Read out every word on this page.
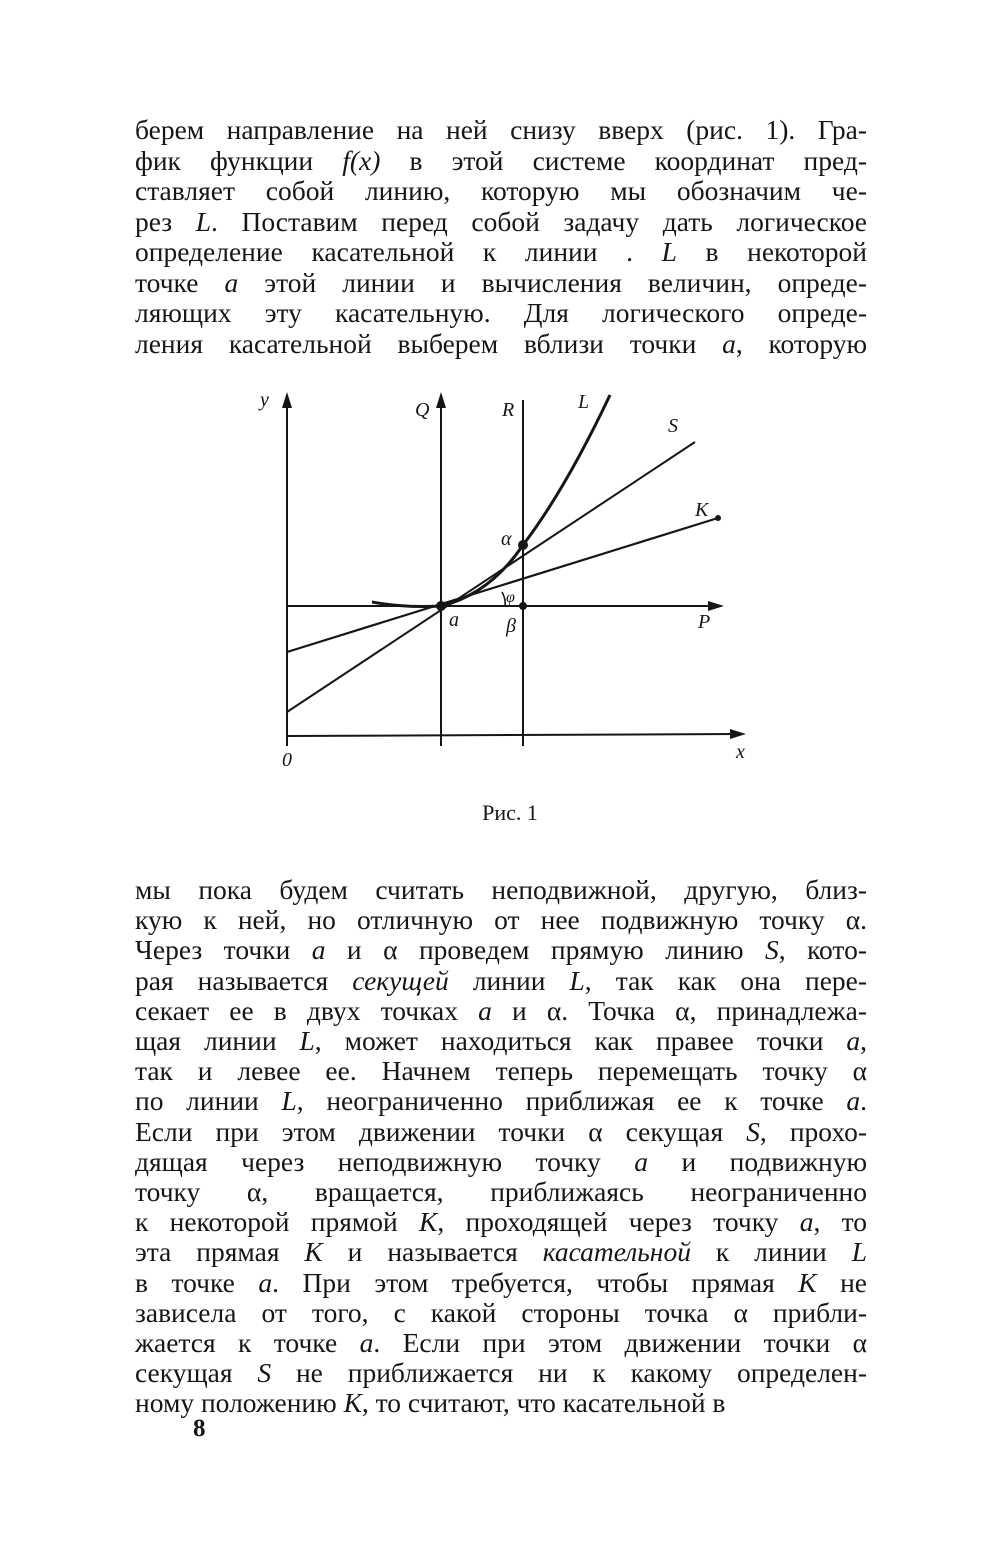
берем направление на ней снизу вверх (рис. 1). Гра-
фик функции f(x) в этой системе координат пред-
ставляет собой линию, которую мы обозначим че-
рез L. Поставим перед собой задачу дать логическое
определение касательной к линии . L в некоторой
точке a этой линии и вычисления величин, опреде-
ляющих эту касательную. Для логического опреде-
ления касательной выберем вблизи точки a, которую
y
0	x
Q	R	L
S
K
α
a
φ
β	P
Рис. 1
мы пока будем считать неподвижной, другую, близ-
кую к ней, но отличную от нее подвижную точку α.
Через точки a и α проведем прямую линию S, кото-
рая называется секущей линии L, так как она пере-
секает ее в двух точках a и α. Точка α, принадлежа-
щая линии L, может находиться как правее точки a,
так и левее ее. Начнем теперь перемещать точку α
по линии L, неограниченно приближая ее к точке a.
Если при этом движении точки α секущая S, прохо-
дящая через неподвижную точку a и подвижную
точку α, вращается, приближаясь неограниченно
к некоторой прямой K, проходящей через точку a, то
эта прямая K и называется касательной к линии L
в точке a. При этом требуется, чтобы прямая K не
зависела от того, с какой стороны точка α прибли-
жается к точке a. Если при этом движении точки α
секущая S не приближается ни к какому определен-
ному положению K, то считают, что касательной в
8
